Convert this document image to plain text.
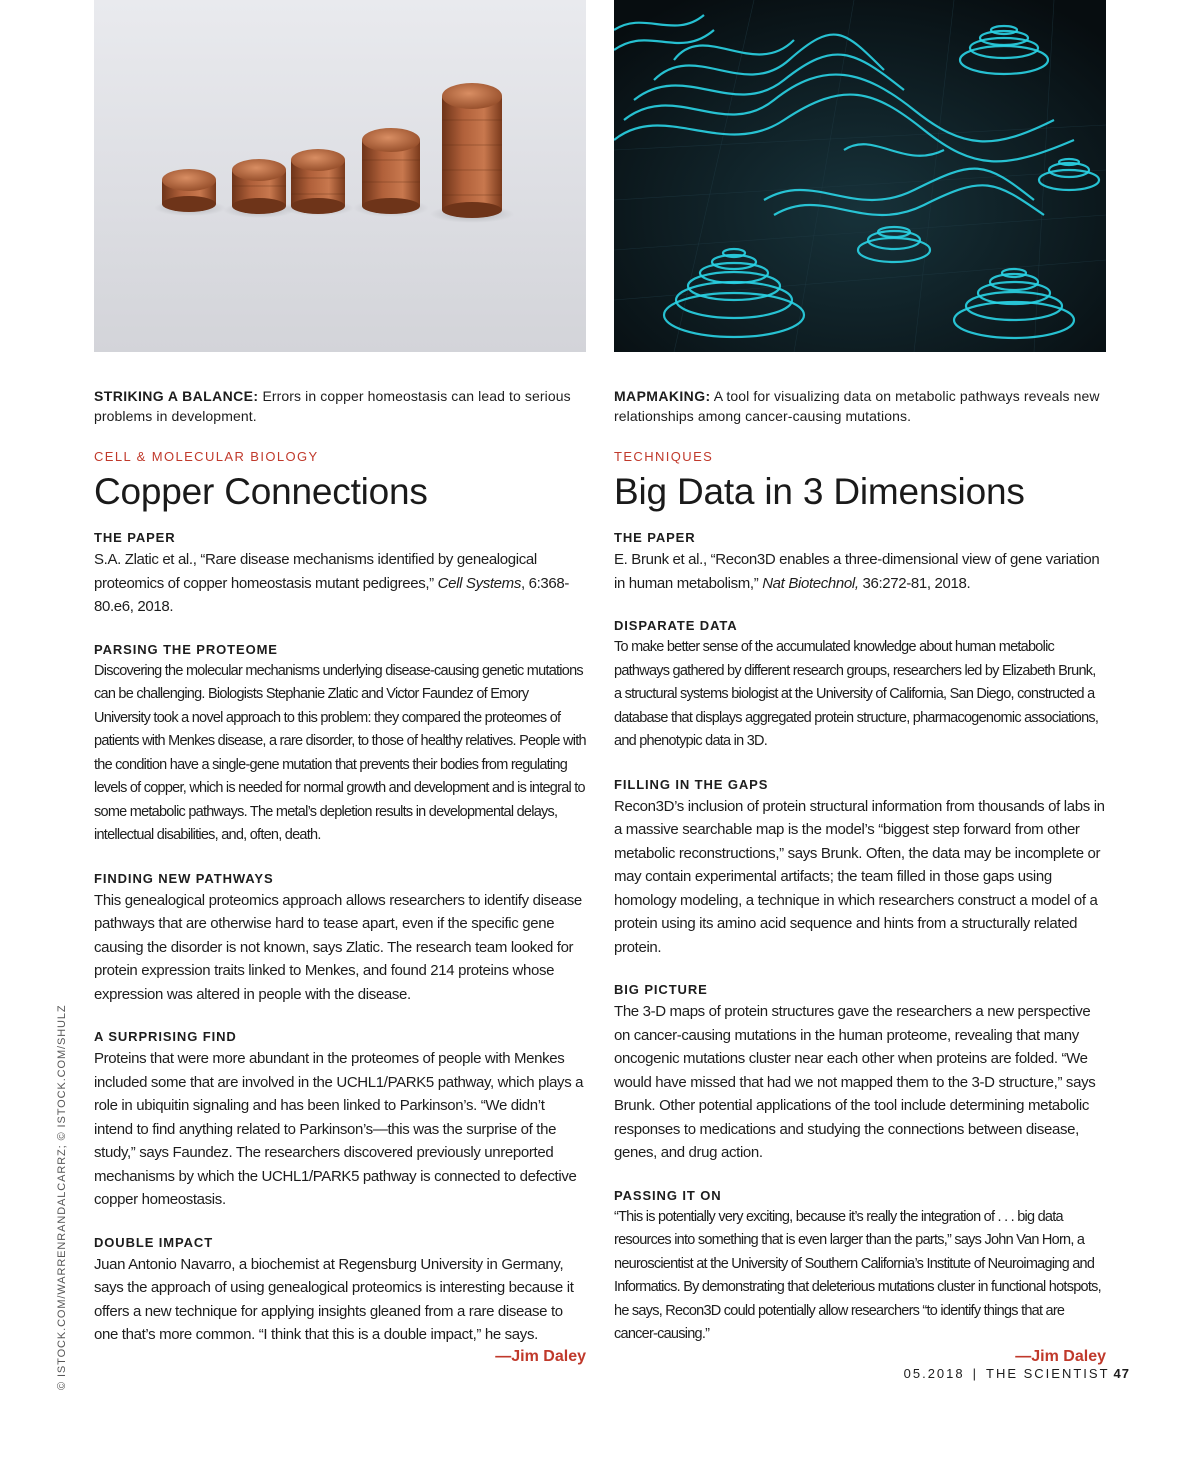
STRIKING A BALANCE: Errors in copper homeostasis can lead to serious problems in development.

CELL & MOLECULAR BIOLOGY

Copper Connections
THE PAPER

S.A. Zlatic et al., “Rare disease mechanisms identified by genealogical proteomics of copper homeostasis mutant pedigrees,” Cell Systems, 6:368-80.e6, 2018.

PARSING THE PROTEOME

Discovering the molecular mechanisms underlying disease-causing genetic mutations can be challenging. Biologists Stephanie Zlatic and Victor Faundez of Emory University took a novel approach to this problem: they compared the proteomes of patients with Menkes disease, a rare disorder, to those of healthy relatives. People with the condition have a single-gene mutation that prevents their bodies from regulating levels of copper, which is needed for normal growth and development and is integral to some metabolic pathways. The metal’s depletion results in developmental delays, intellectual disabilities, and, often, death.

FINDING NEW PATHWAYS

This genealogical proteomics approach allows researchers to identify disease pathways that are otherwise hard to tease apart, even if the specific gene causing the disorder is not known, says Zlatic. The research team looked for protein expression traits linked to Menkes, and found 214 proteins whose expression was altered in people with the disease.

A SURPRISING FIND

Proteins that were more abundant in the proteomes of people with Menkes included some that are involved in the UCHL1/PARK5 pathway, which plays a role in ubiquitin signaling and has been linked to Parkinson’s. “We didn’t intend to find anything related to Parkinson’s—this was the surprise of the study,” says Faundez. The researchers discovered previously unreported mechanisms by which the UCHL1/PARK5 pathway is connected to defective copper homeostasis.

DOUBLE IMPACT

Juan Antonio Navarro, a biochemist at Regensburg University in Germany, says the approach of using genealogical proteomics is interesting because it offers a new technique for applying insights gleaned from a rare disease to one that’s more common. “I think that this is a double impact,” he says.

—Jim Daley

MAPMAKING: A tool for visualizing data on metabolic pathways reveals new relationships among cancer-causing mutations.

TECHNIQUES

Big Data in 3 Dimensions
THE PAPER

E. Brunk et al., “Recon3D enables a three-dimensional view of gene variation in human metabolism,” Nat Biotechnol, 36:272-81, 2018.

DISPARATE DATA

To make better sense of the accumulated knowledge about human metabolic pathways gathered by different research groups, researchers led by Elizabeth Brunk, a structural systems biologist at the University of California, San Diego, constructed a database that displays aggregated protein structure, pharmacogenomic associations, and phenotypic data in 3D.

FILLING IN THE GAPS

Recon3D’s inclusion of protein structural information from thousands of labs in a massive searchable map is the model’s “biggest step forward from other metabolic reconstructions,” says Brunk. Often, the data may be incomplete or may contain experimental artifacts; the team filled in those gaps using homology modeling, a technique in which researchers construct a model of a protein using its amino acid sequence and hints from a structurally related protein.

BIG PICTURE

The 3-D maps of protein structures gave the researchers a new perspective on cancer-causing mutations in the human proteome, revealing that many oncogenic mutations cluster near each other when proteins are folded. “We would have missed that had we not mapped them to the 3-D structure,” says Brunk. Other potential applications of the tool include determining metabolic responses to medications and studying the connections between disease, genes, and drug action.

PASSING IT ON

“This is potentially very exciting, because it’s really the integration of . . . big data resources into something that is even larger than the parts,” says John Van Horn, a neuroscientist at the University of Southern California’s Institute of Neuroimaging and Informatics. By demonstrating that deleterious mutations cluster in functional hotspots, he says, Recon3D could potentially allow researchers “to identify things that are cancer-causing.”

—Jim Daley
© ISTOCK.COM/WARRENRANDALCARRZ; © ISTOCK.COM/SHULZ	05.2018 | THE SCIENTIST 47
